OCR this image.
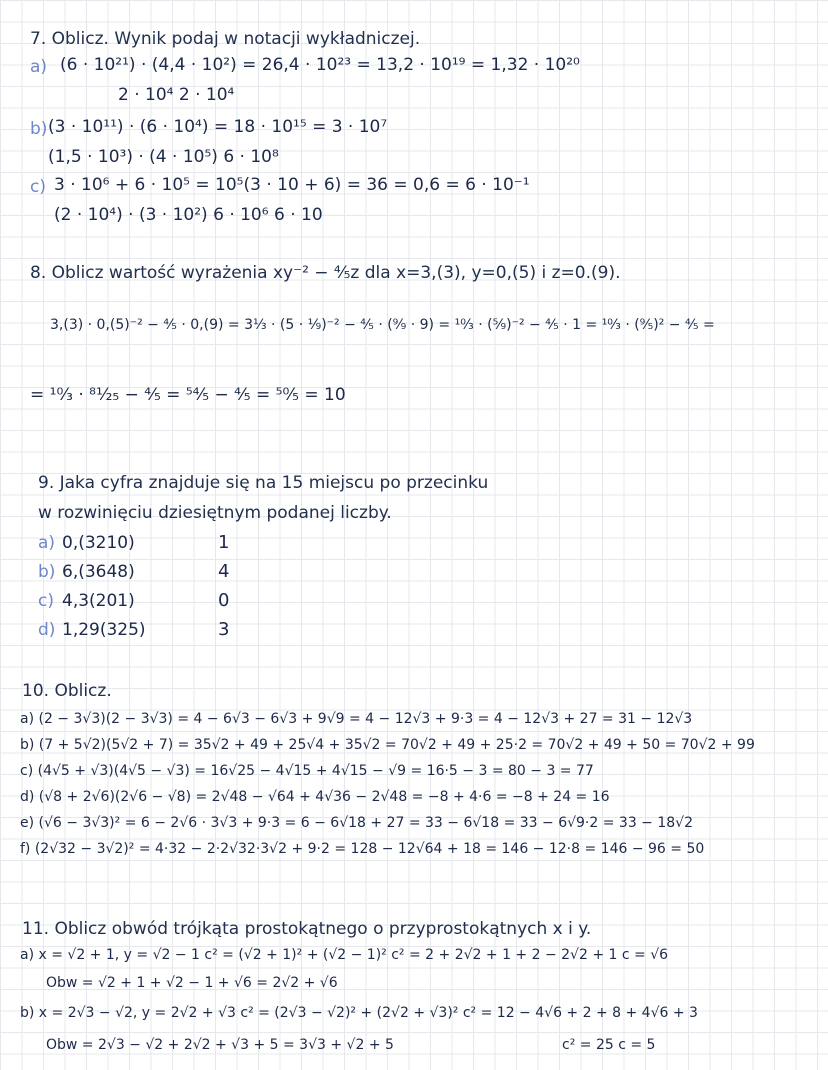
7. Oblicz. Wynik podaj w notacji wykładniczej.
a) (6 · 10²¹) · (4,4 · 10²) = 26,4 · 10²³ = 13,2 · 10¹⁹ = 1,32 · 10²⁰
2 · 10⁴ 2 · 10⁴
b) (3 · 10¹¹) · (6 · 10⁴) = 18 · 10¹⁵ = 3 · 10⁷
(1,5 · 10³) · (4 · 10⁵) 6 · 10⁸
c) 3 · 10⁶ + 6 · 10⁵ = 10⁵(3 · 10 + 6) = 36 = 0,6 = 6 · 10⁻¹
(2 · 10⁴) · (3 · 10²) 6 · 10⁶ 6 · 10
8. Oblicz wartość wyrażenia xy⁻² − ⁴⁄₅z dla x=3,(3), y=0,(5) i z=0.(9).
3,(3) · 0,(5)⁻² − ⁴⁄₅ · 0,(9) = 3⅓ · (5 · ⅑)⁻² − ⁴⁄₅ · (⁹⁄₉ · 9) = ¹⁰⁄₃ · (⁵⁄₉)⁻² − ⁴⁄₅ · 1 = ¹⁰⁄₃ · (⁹⁄₅)² − ⁴⁄₅ =
= ¹⁰⁄₃ · ⁸¹⁄₂₅ − ⁴⁄₅ = ⁵⁴⁄₅ − ⁴⁄₅ = ⁵⁰⁄₅ = 10
9. Jaka cyfra znajduje się na 15 miejscu po przecinku
w rozwinięciu dziesiętnym podanej liczby.
a) 0,(3210)	1
b) 6,(3648)	4
c) 4,3(201)	0
d) 1,29(325)	3
10. Oblicz.
a) (2 − 3√3)(2 − 3√3) = 4 − 6√3 − 6√3 + 9√9 = 4 − 12√3 + 9·3 = 4 − 12√3 + 27 = 31 − 12√3
b) (7 + 5√2)(5√2 + 7) = 35√2 + 49 + 25√4 + 35√2 = 70√2 + 49 + 25·2 = 70√2 + 49 + 50 = 70√2 + 99
c) (4√5 + √3)(4√5 − √3) = 16√25 − 4√15 + 4√15 − √9 = 16·5 − 3 = 80 − 3 = 77
d) (√8 + 2√6)(2√6 − √8) = 2√48 − √64 + 4√36 − 2√48 = −8 + 4·6 = −8 + 24 = 16
e) (√6 − 3√3)² = 6 − 2√6 · 3√3 + 9·3 = 6 − 6√18 + 27 = 33 − 6√18 = 33 − 6√9·2 = 33 − 18√2
f) (2√32 − 3√2)² = 4·32 − 2·2√32·3√2 + 9·2 = 128 − 12√64 + 18 = 146 − 12·8 = 146 − 96 = 50
11. Oblicz obwód trójkąta prostokątnego o przyprostokątnych x i y.
a) x = √2 + 1, y = √2 − 1 c² = (√2 + 1)² + (√2 − 1)² c² = 2 + 2√2 + 1 + 2 − 2√2 + 1 c = √6
Obw = √2 + 1 + √2 − 1 + √6 = 2√2 + √6
b) x = 2√3 − √2, y = 2√2 + √3 c² = (2√3 − √2)² + (2√2 + √3)² c² = 12 − 4√6 + 2 + 8 + 4√6 + 3
Obw = 2√3 − √2 + 2√2 + √3 + 5 = 3√3 + √2 + 5	c² = 25 c = 5
